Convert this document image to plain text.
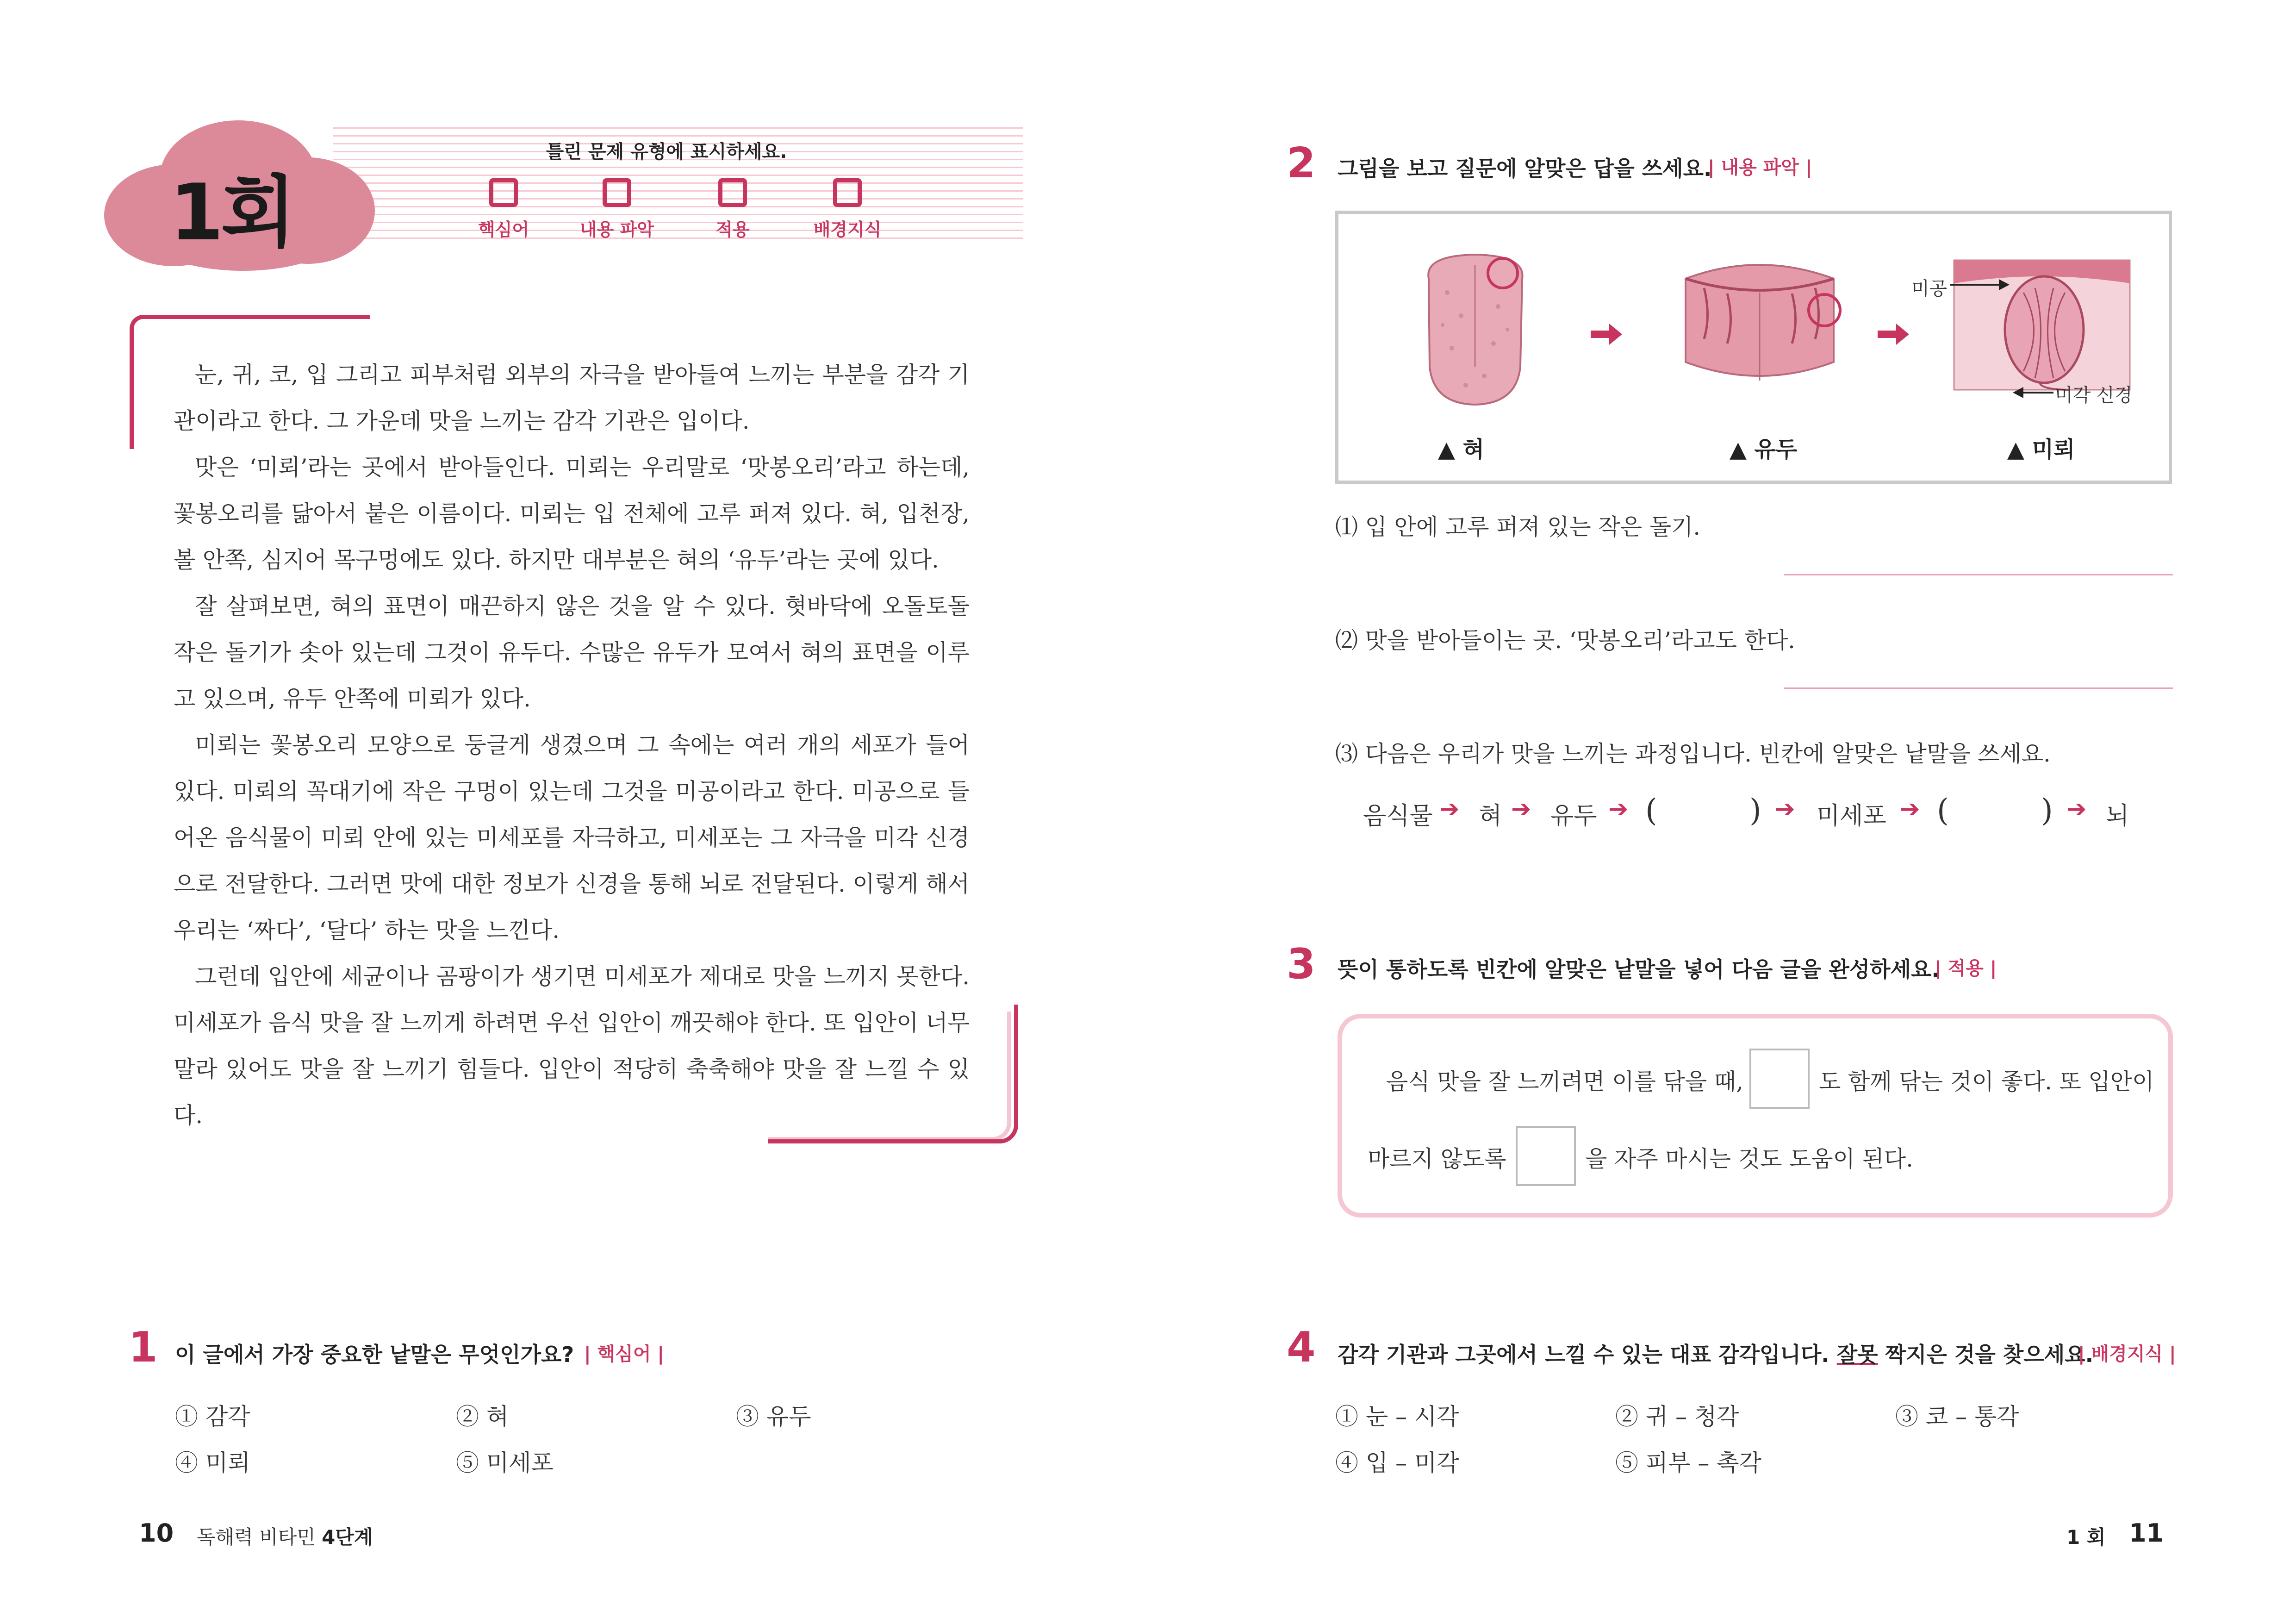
1회
틀린 문제 유형에 표시하세요.
핵심어	내용 파악	적용	배경지식

눈, 귀, 코, 입 그리고 피부처럼 외부의 자극을 받아들여 느끼는 부분을 감각 기관이라고 한다. 그 가운데 맛을 느끼는 감각 기관은 입이다.

맛은 ‘미뢰’라는 곳에서 받아들인다. 미뢰는 우리말로 ‘맛봉오리’라고 하는데, 꽃봉오리를 닮아서 붙은 이름이다. 미뢰는 입 전체에 고루 퍼져 있다. 혀, 입천장, 볼 안쪽, 심지어 목구멍에도 있다. 하지만 대부분은 혀의 ‘유두’라는 곳에 있다.

잘 살펴보면, 혀의 표면이 매끈하지 않은 것을 알 수 있다. 혓바닥에 오돌토돌 작은 돌기가 솟아 있는데 그것이 유두다. 수많은 유두가 모여서 혀의 표면을 이루고 있으며, 유두 안쪽에 미뢰가 있다.

미뢰는 꽃봉오리 모양으로 둥글게 생겼으며 그 속에는 여러 개의 세포가 들어 있다. 미뢰의 꼭대기에 작은 구멍이 있는데 그것을 미공이라고 한다. 미공으로 들어온 음식물이 미뢰 안에 있는 미세포를 자극하고, 미세포는 그 자극을 미각 신경으로 전달한다. 그러면 맛에 대한 정보가 신경을 통해 뇌로 전달된다. 이렇게 해서 우리는 ‘짜다’, ‘달다’ 하는 맛을 느낀다.

그런데 입안에 세균이나 곰팡이가 생기면 미세포가 제대로 맛을 느끼지 못한다. 미세포가 음식 맛을 잘 느끼게 하려면 우선 입안이 깨끗해야 한다. 또 입안이 너무 말라 있어도 맛을 잘 느끼기 힘들다. 입안이 적당히 축축해야 맛을 잘 느낄 수 있다.

1 이 글에서 가장 중요한 낱말은 무엇인가요? | 핵심어 |
① 감각	② 혀	③ 유두
④ 미뢰	⑤ 미세포
10 독해력 비타민 4단계
2 그림을 보고 질문에 알맞은 답을 쓰세요.
| 내용 파악 |
미공
미각 신경
▲ 혀	▲ 유두	▲ 미뢰
⑴ 입 안에 고루 퍼져 있는 작은 돌기.
⑵ 맛을 받아들이는 곳. ‘맛봉오리’라고도 한다.
⑶ 다음은 우리가 맛을 느끼는 과정입니다. 빈칸에 알맞은 낱말을 쓰세요.
음식물 ➔ 혀 ➔ 유두 ➔ (	) ➔ 미세포 ➔ (	) ➔ 뇌
3 뜻이 통하도록 빈칸에 알맞은 낱말을 넣어 다음 글을 완성하세요.
| 적용 |
음식 맛을 잘 느끼려면 이를 닦을 때,	도 함께 닦는 것이 좋다. 또 입안이
마르지 않도록	을 자주 마시는 것도 도움이 된다.
4 감각 기관과 그곳에서 느낄 수 있는 대표 감각입니다. 잘못 짝지은 것을 찾으세요.
| 배경지식 |
① 눈 – 시각	② 귀 – 청각	③ 코 – 통각
④ 입 – 미각	⑤ 피부 – 촉각
1 회 11
